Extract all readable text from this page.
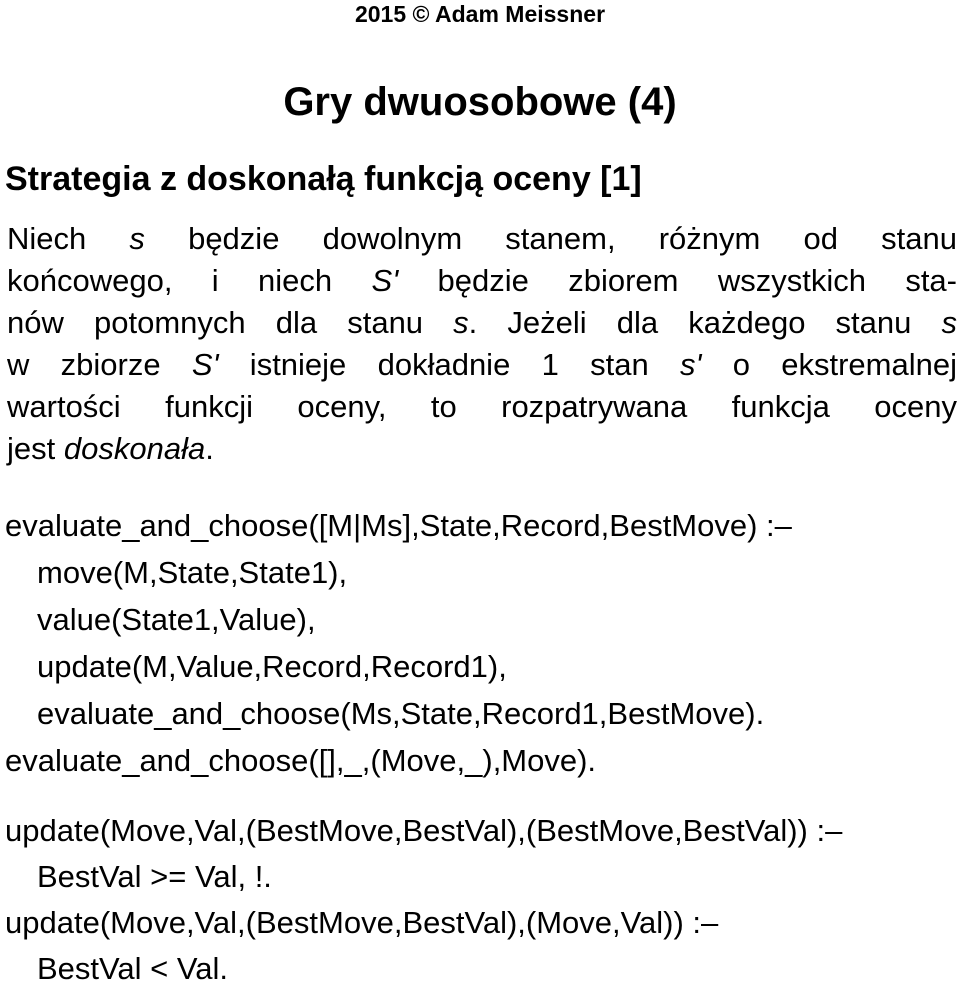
2015 © Adam Meissner
Gry dwuosobowe (4)
Strategia z doskonałą funkcją oceny [1]
Niech s będzie dowolnym stanem, różnym od stanu
końcowego, i niech S' będzie zbiorem wszystkich sta-
nów potomnych dla stanu s. Jeżeli dla każdego stanu s
w zbiorze S' istnieje dokładnie 1 stan s' o ekstremalnej
wartości funkcji oceny, to rozpatrywana funkcja oceny
jest doskonała.
evaluate_and_choose([M|Ms],State,Record,BestMove) :–
move(M,State,State1),
value(State1,Value),
update(M,Value,Record,Record1),
evaluate_and_choose(Ms,State,Record1,BestMove).
evaluate_and_choose([],_,(Move,_),Move).
update(Move,Val,(BestMove,BestVal),(BestMove,BestVal)) :–
BestVal >= Val, !.
update(Move,Val,(BestMove,BestVal),(Move,Val)) :–
BestVal < Val.
